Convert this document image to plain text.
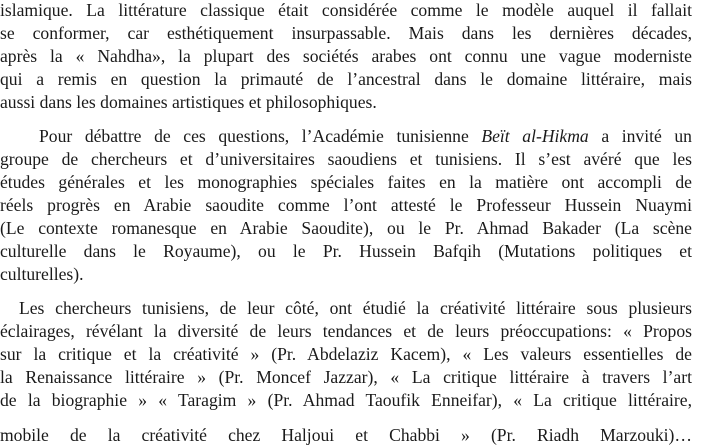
islamique. La littérature classique était considérée comme le modèle auquel il fallait
se conformer, car esthétiquement insurpassable. Mais dans les dernières décades,
après la « Nahdha», la plupart des sociétés arabes ont connu une vague moderniste
qui a remis en question la primauté de l’ancestral dans le domaine littéraire, mais
aussi dans les domaines artistiques et philosophiques.
Pour débattre de ces questions, l’Académie tunisienne Beït al-Hikma a invité un
groupe de chercheurs et d’universitaires saoudiens et tunisiens. Il s’est avéré que les
études générales et les monographies spéciales faites en la matière ont accompli de
réels progrès en Arabie saoudite comme l’ont attesté le Professeur Hussein Nuaymi
(Le contexte romanesque en Arabie Saoudite), ou le Pr. Ahmad Bakader (La scène
culturelle dans le Royaume), ou le Pr. Hussein Bafqih (Mutations politiques et
culturelles).
Les chercheurs tunisiens, de leur côté, ont étudié la créativité littéraire sous plusieurs
éclairages, révélant la diversité de leurs tendances et de leurs préoccupations: « Propos
sur la critique et la créativité » (Pr. Abdelaziz Kacem), « Les valeurs essentielles de
la Renaissance littéraire » (Pr. Moncef Jazzar), « La critique littéraire à travers l’art
de la biographie » « Taragim » (Pr. Ahmad Taoufik Enneifar), « La critique littéraire,
mobile de la créativité chez Haljoui et Chabbi » (Pr. Riadh Marzouki)…
